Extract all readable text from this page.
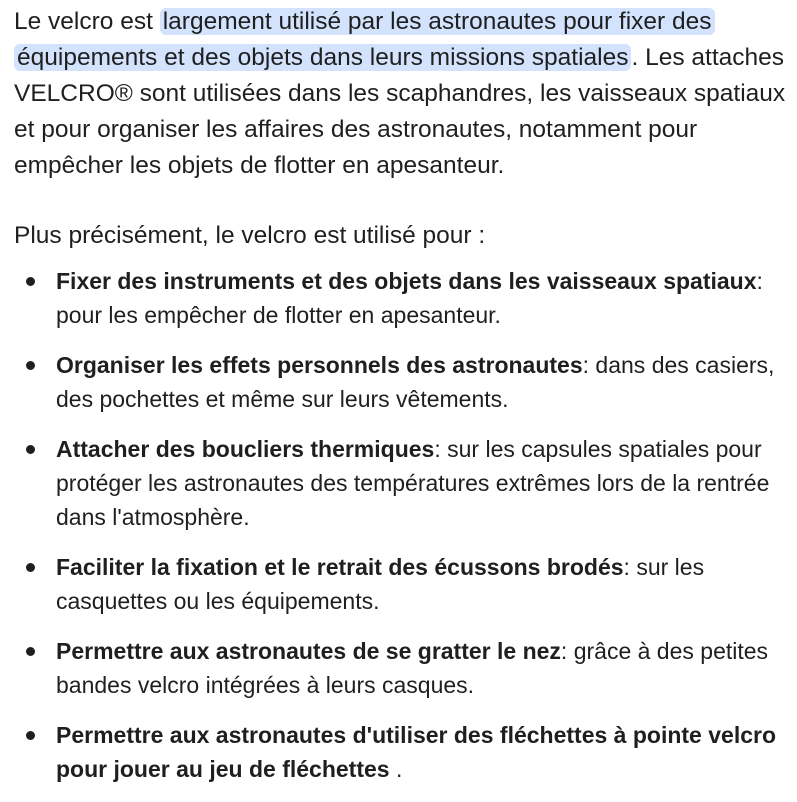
Le velcro est largement utilisé par les astronautes pour fixer des équipements et des objets dans leurs missions spatiales . Les attaches VELCRO® sont utilisées dans les scaphandres, les vaisseaux spatiaux et pour organiser les affaires des astronautes, notamment pour empêcher les objets de flotter en apesanteur.

Plus précisément, le velcro est utilisé pour :

Fixer des instruments et des objets dans les vaisseaux spatiaux: pour les empêcher de flotter en apesanteur.
Organiser les effets personnels des astronautes: dans des casiers, des pochettes et même sur leurs vêtements.
Attacher des boucliers thermiques: sur les capsules spatiales pour protéger les astronautes des températures extrêmes lors de la rentrée dans l'atmosphère.
Faciliter la fixation et le retrait des écussons brodés: sur les casquettes ou les équipements.
Permettre aux astronautes de se gratter le nez: grâce à des petites bandes velcro intégrées à leurs casques.
Permettre aux astronautes d'utiliser des fléchettes à pointe velcro pour jouer au jeu de fléchettes .
